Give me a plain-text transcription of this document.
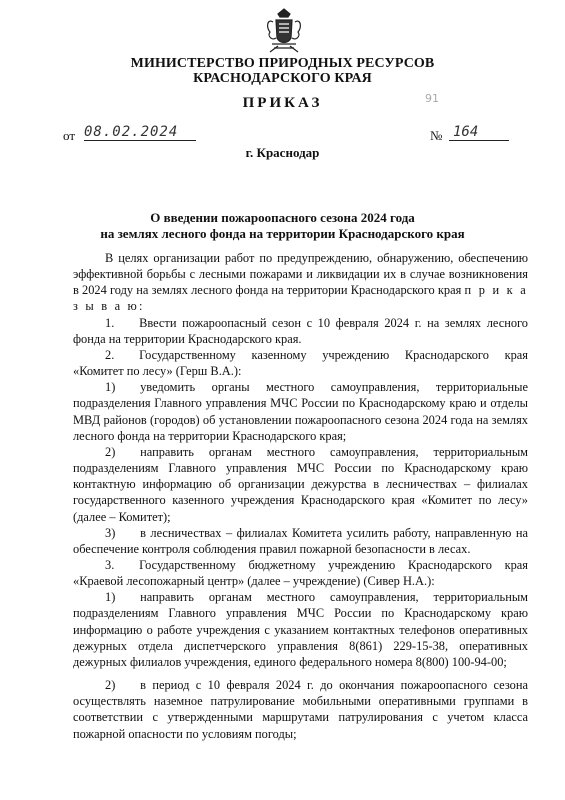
МИНИСТЕРСТВО ПРИРОДНЫХ РЕСУРСОВ
КРАСНОДАРСКОГО КРАЯ
ПРИКАЗ	91
от 08.02.2024	№ 164
г. Краснодар
О введении пожароопасного сезона 2024 года
на землях лесного фонда на территории Краснодарского края

В целях организации работ по предупреждению, обнаружению, обеспечению эффективной борьбы с лесными пожарами и ликвидации их в случае возникновения в 2024 году на землях лесного фонда на территории Краснодарского края п р и к а з ы в а ю:

1.  Ввести пожароопасный сезон с 10 февраля 2024 г. на землях лесного фонда на территории Краснодарского края.

2.  Государственному казенному учреждению Краснодарского края «Комитет по лесу» (Герш В.А.):

1)  уведомить органы местного самоуправления, территориальные подразделения Главного управления МЧС России по Краснодарскому краю и отделы МВД районов (городов) об установлении пожароопасного сезона 2024 года на землях лесного фонда на территории Краснодарского края;

2)  направить органам местного самоуправления, территориальным подразделениям Главного управления МЧС России по Краснодарскому краю контактную информацию об организации дежурства в лесничествах – филиалах государственного казенного учреждения Краснодарского края «Комитет по лесу» (далее – Комитет);

3)  в лесничествах – филиалах Комитета усилить работу, направленную на обеспечение контроля соблюдения правил пожарной безопасности в лесах.

3.  Государственному бюджетному учреждению Краснодарского края «Краевой лесопожарный центр» (далее – учреждение) (Сивер Н.А.):

1)  направить органам местного самоуправления, территориальным подразделениям Главного управления МЧС России по Краснодарскому краю информацию о работе учреждения с указанием контактных телефонов оперативных дежурных отдела диспетчерского управления 8(861) 229-15-38, оперативных дежурных филиалов учреждения, единого федерального номера 8(800) 100-94-00;

2)  в период с 10 февраля 2024 г. до окончания пожароопасного сезона осуществлять наземное патрулирование мобильными оперативными группами в соответствии с утвержденными маршрутами патрулирования с учетом класса пожарной опасности по условиям погоды;
